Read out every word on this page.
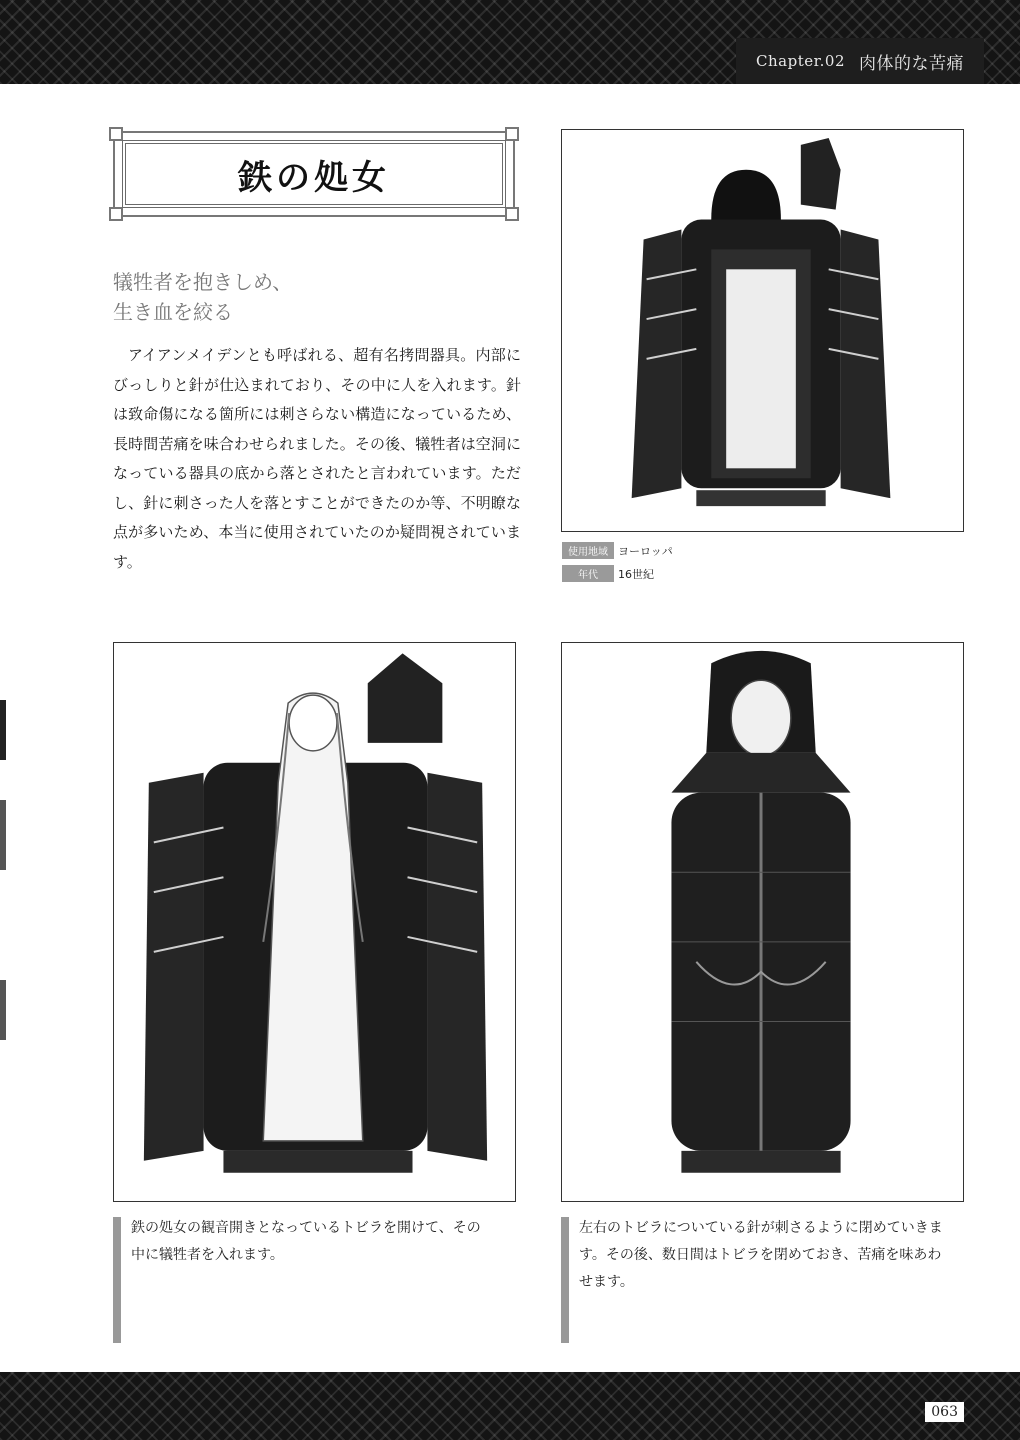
Chapter.02 肉体的な苦痛
鉄の処女
犠牲者を抱きしめ、
生き血を絞る
アイアンメイデンとも呼ばれる、超有名拷問器具。内部にびっしりと針が仕込まれており、その中に人を入れます。針は致命傷になる箇所には刺さらない構造になっているため、長時間苦痛を味合わせられました。その後、犠牲者は空洞になっている器具の底から落とされたと言われています。ただし、針に刺さった人を落とすことができたのか等、不明瞭な点が多いため、本当に使用されていたのか疑問視されています。	使用地域 ヨーロッパ
年代	16世紀
鉄の処女の観音開きとなっているトビラを開けて、その中に犠牲者を入れます。
左右のトビラについている針が刺さるように閉めていきます。その後、数日間はトビラを閉めておき、苦痛を味あわせます。
063
